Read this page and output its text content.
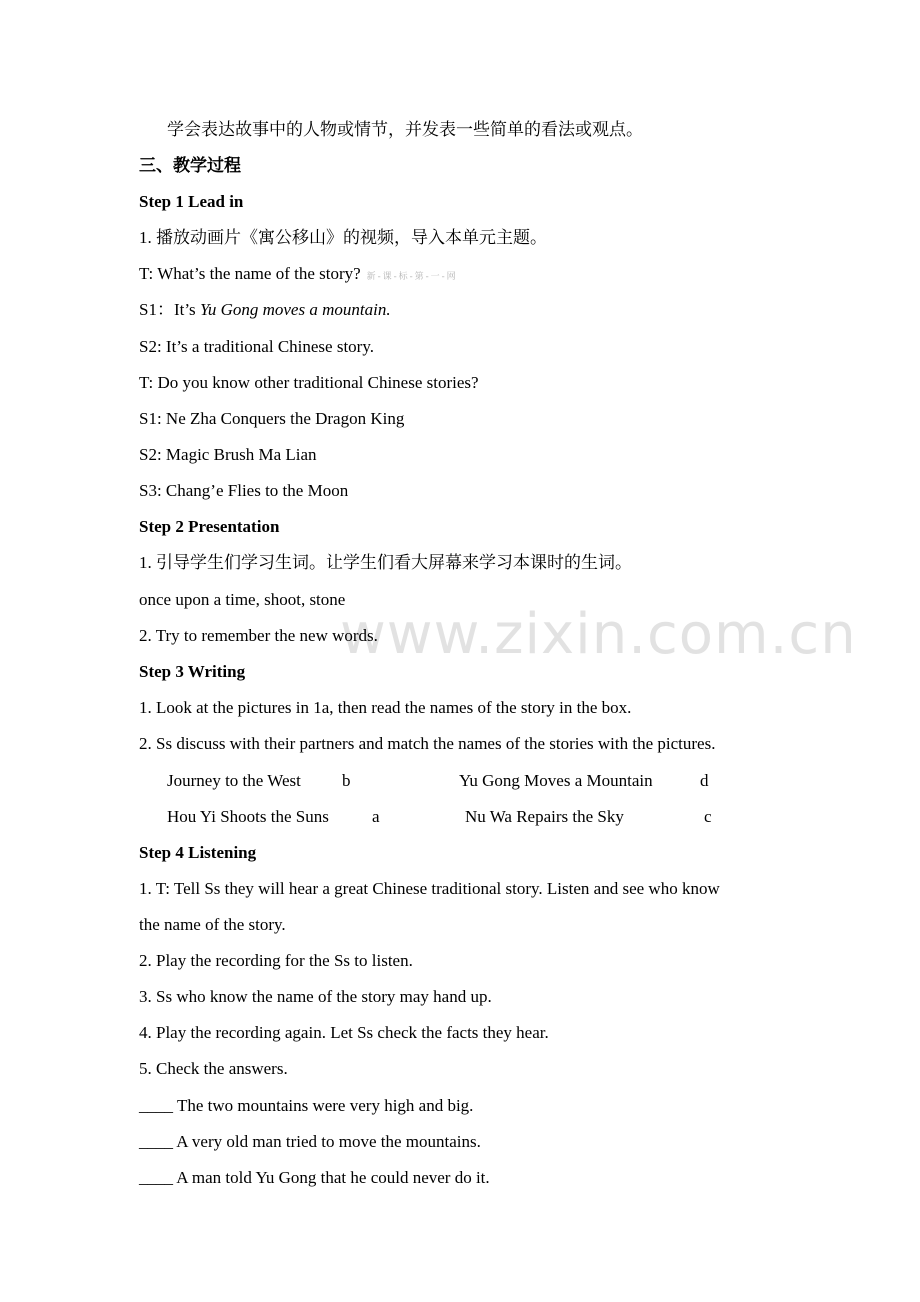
www.zixin.com.cn
学会表达故事中的人物或情节，并发表一些简单的看法或观点。
三、教学过程
Step 1 Lead in
1. 播放动画片《寓公移山》的视频，导入本单元主题。
T: What’s the name of the story? 新-课-标-第-一-网
S1：It’s Yu Gong moves a mountain.
S2: It’s a traditional Chinese story.
T: Do you know other traditional Chinese stories?
S1: Ne Zha Conquers the Dragon King
S2: Magic Brush Ma Lian
S3: Chang’e Flies to the Moon
Step 2 Presentation
1. 引导学生们学习生词。让学生们看大屏幕来学习本课时的生词。
once upon a time, shoot, stone
2. Try to remember the new words.
Step 3 Writing
1. Look at the pictures in 1a, then read the names of the story in the box.
2. Ss discuss with their partners and match the names of the stories with the pictures.
Journey to the West b	Yu Gong Moves a Mountain	d
Hou Yi Shoots the Suns	a	Nu Wa Repairs the Sky	c
Step 4 Listening
1. T: Tell Ss they will hear a great Chinese traditional story. Listen and see who know
the name of the story.
2. Play the recording for the Ss to listen.
3. Ss who know the name of the story may hand up.
4. Play the recording again. Let Ss check the facts they hear.
5. Check the answers.
____ The two mountains were very high and big.
____ A very old man tried to move the mountains.
____ A man told Yu Gong that he could never do it.
